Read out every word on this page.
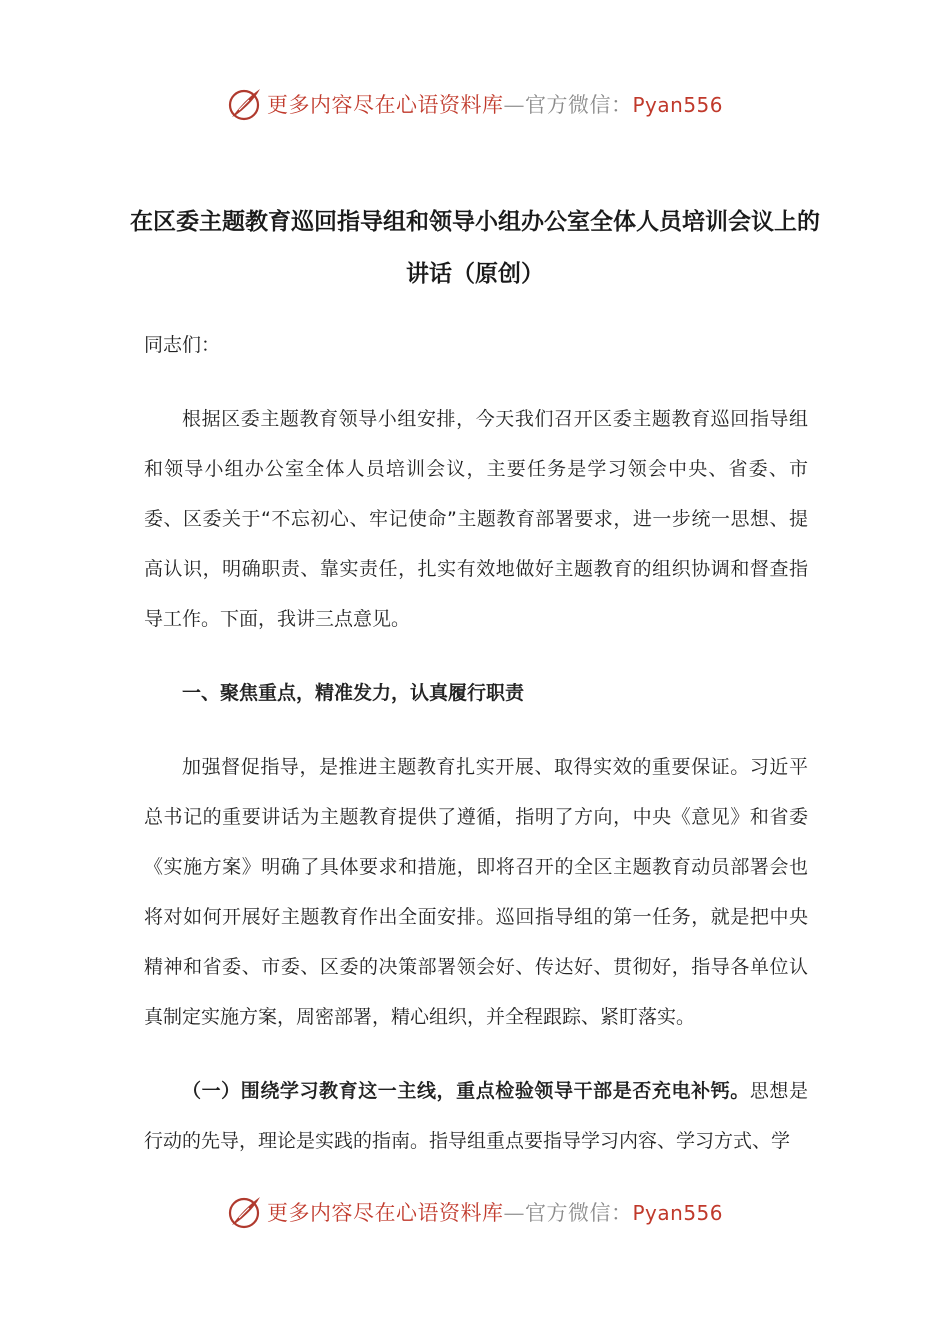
更多内容尽在心语资料库—官方微信：Pyan556
在区委主题教育巡回指导组和领导小组办公室全体人员培训会议上的讲话（原创）

同志们：

根据区委主题教育领导小组安排，今天我们召开区委主题教育巡回指导组和领导小组办公室全体人员培训会议，主要任务是学习领会中央、省委、市委、区委关于“不忘初心、牢记使命”主题教育部署要求，进一步统一思想、提高认识，明确职责、靠实责任，扎实有效地做好主题教育的组织协调和督查指导工作。下面，我讲三点意见。

一、聚焦重点，精准发力，认真履行职责

加强督促指导，是推进主题教育扎实开展、取得实效的重要保证。习近平总书记的重要讲话为主题教育提供了遵循，指明了方向，中央《意见》和省委《实施方案》明确了具体要求和措施，即将召开的全区主题教育动员部署会也将对如何开展好主题教育作出全面安排。巡回指导组的第一任务，就是把中央精神和省委、市委、区委的决策部署领会好、传达好、贯彻好，指导各单位认真制定实施方案，周密部署，精心组织，并全程跟踪、紧盯落实。

（一）围绕学习教育这一主线，重点检验领导干部是否充电补钙。思想是行动的先导，理论是实践的指南。指导组重点要指导学习内容、学习方式、学

更多内容尽在心语资料库—官方微信：Pyan556
